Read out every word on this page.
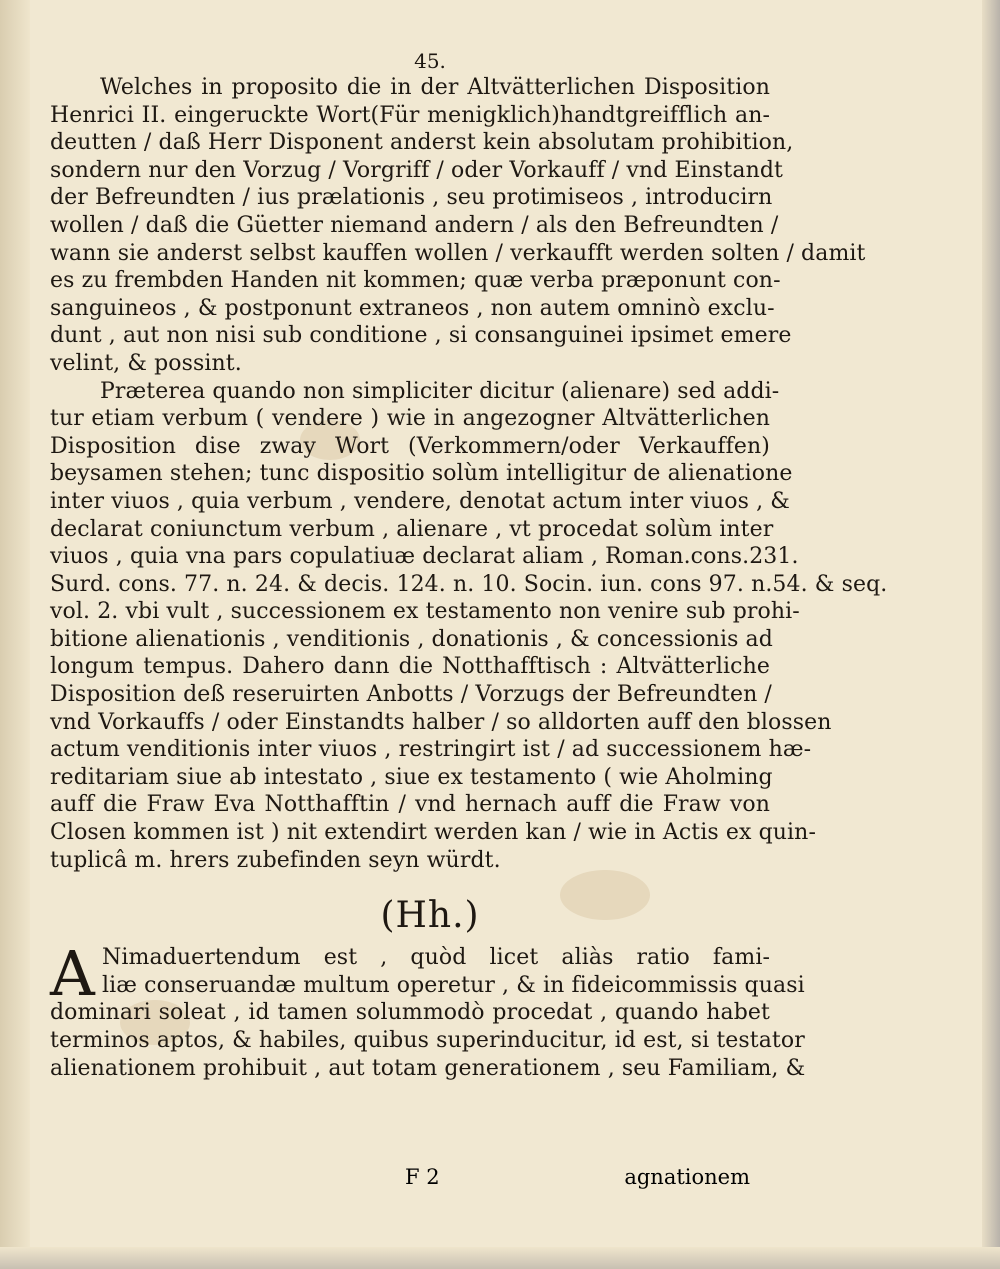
45.
Welches in proposito die in der Altvätterlichen Disposition
Henrici II. eingeruckte Wort(Für menigklich)handtgreifflich an-
deutten / daß Herr Disponent anderst kein absolutam prohibition,
sondern nur den Vorzug / Vorgriff / oder Vorkauff / vnd Einstandt
der Befreundten / ius prælationis , seu protimiseos , introducirn
wollen / daß die Güetter niemand andern / als den Befreundten /
wann sie anderst selbst kauffen wollen / verkaufft werden solten / damit
es zu frembden Handen nit kommen; quæ verba præponunt con-
sanguineos , & postponunt extraneos , non autem omninò exclu-
dunt , aut non nisi sub conditione , si consanguinei ipsimet emere
velint, & possint.
Præterea quando non simpliciter dicitur (alienare) sed addi-
tur etiam verbum ( vendere ) wie in angezogner Altvätterlichen
Disposition dise zway Wort (Verkommern/oder Verkauffen)
beysamen stehen; tunc dispositio solùm intelligitur de alienatione
inter viuos , quia verbum , vendere, denotat actum inter viuos , &
declarat coniunctum verbum , alienare , vt procedat solùm inter
viuos , quia vna pars copulatiuæ declarat aliam , Roman.cons.231.
Surd. cons. 77. n. 24. & decis. 124. n. 10. Socin. iun. cons 97. n.54. & seq.
vol. 2. vbi vult , successionem ex testamento non venire sub prohi-
bitione alienationis , venditionis , donationis , & concessionis ad
longum tempus. Dahero dann die Notthafftisch : Altvätterliche
Disposition deß reseruirten Anbotts / Vorzugs der Befreundten /
vnd Vorkauffs / oder Einstandts halber / so alldorten auff den blossen
actum venditionis inter viuos , restringirt ist / ad successionem hæ-
reditariam siue ab intestato , siue ex testamento ( wie Aholming
auff die Fraw Eva Notthafftin / vnd hernach auff die Fraw von
Closen kommen ist ) nit extendirt werden kan / wie in Actis ex quin-
tuplicâ m. hrers zubefinden seyn würdt.
(Hh.)
A Nimaduertendum est , quòd licet aliàs ratio fami-
liæ conseruandæ multum operetur , & in fideicommissis quasi
dominari soleat , id tamen solummodò procedat , quando habet
terminos aptos, & habiles, quibus superinducitur, id est, si testator
alienationem prohibuit , aut totam generationem , seu Familiam, &
F 2	agnationem
